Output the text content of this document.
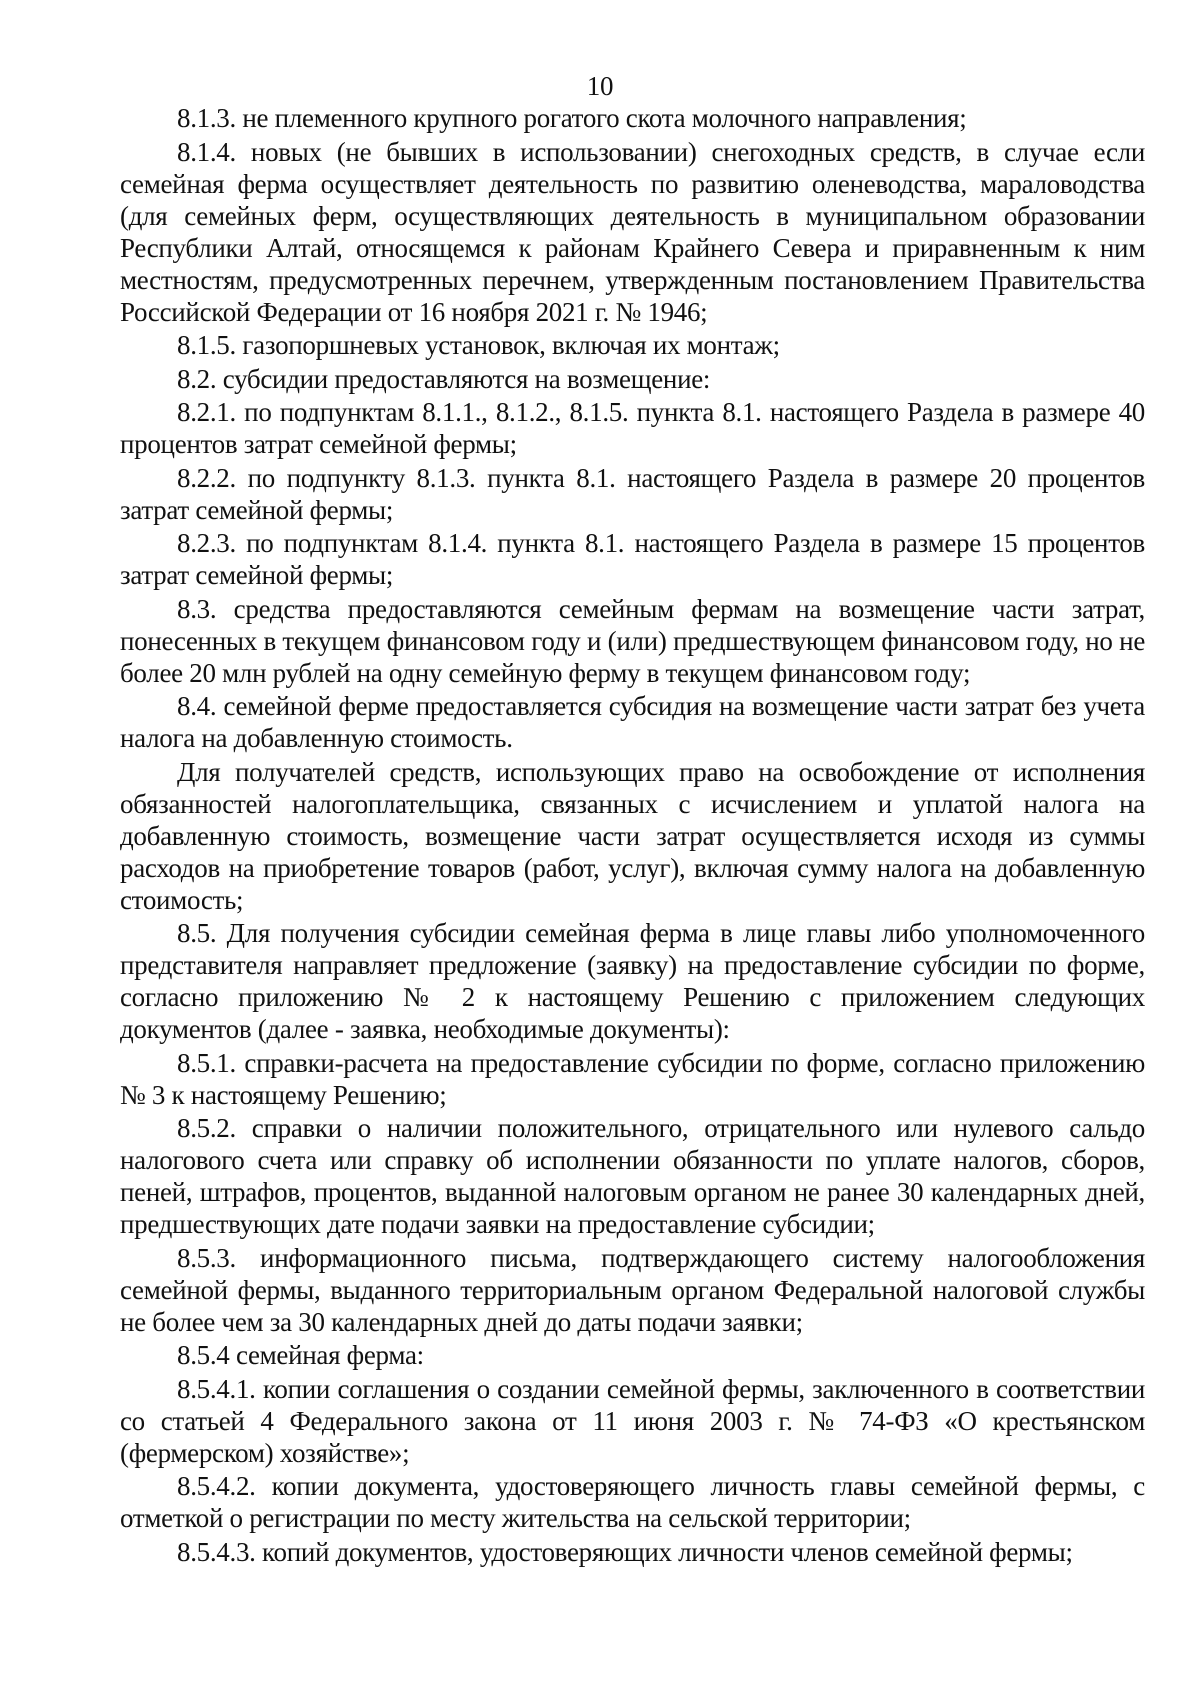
10

8.1.3. не племенного крупного рогатого скота молочного направления;

8.1.4. новых (не бывших в использовании) снегоходных средств, в случае если семейная ферма осуществляет деятельность по развитию оленеводства, мараловодства (для семейных ферм, осуществляющих деятельность в муниципальном образовании Республики Алтай, относящемся к районам Крайнего Севера и приравненным к ним местностям, предусмотренных перечнем, утвержденным постановлением Правительства Российской Федерации от 16 ноября 2021 г. № 1946;

8.1.5. газопоршневых установок, включая их монтаж;

8.2. субсидии предоставляются на возмещение:

8.2.1. по подпунктам 8.1.1., 8.1.2., 8.1.5. пункта 8.1. настоящего Раздела в размере 40 процентов затрат семейной фермы;

8.2.2. по подпункту 8.1.3. пункта 8.1. настоящего Раздела в размере 20 процентов затрат семейной фермы;

8.2.3. по подпунктам 8.1.4. пункта 8.1. настоящего Раздела в размере 15 процентов затрат семейной фермы;

8.3. средства предоставляются семейным фермам на возмещение части затрат, понесенных в текущем финансовом году и (или) предшествующем финансовом году, но не более 20 млн рублей на одну семейную ферму в текущем финансовом году;

8.4. семейной ферме предоставляется субсидия на возмещение части затрат без учета налога на добавленную стоимость.

Для получателей средств, использующих право на освобождение от исполнения обязанностей налогоплательщика, связанных с исчислением и уплатой налога на добавленную стоимость, возмещение части затрат осуществляется исходя из суммы расходов на приобретение товаров (работ, услуг), включая сумму налога на добавленную стоимость;

8.5. Для получения субсидии семейная ферма в лице главы либо уполномоченного представителя направляет предложение (заявку) на предоставление субсидии по форме, согласно приложению № 2 к настоящему Решению с приложением следующих документов (далее - заявка, необходимые документы):

8.5.1. справки-расчета на предоставление субсидии по форме, согласно приложению № 3 к настоящему Решению;

8.5.2. справки о наличии положительного, отрицательного или нулевого сальдо налогового счета или справку об исполнении обязанности по уплате налогов, сборов, пеней, штрафов, процентов, выданной налоговым органом не ранее 30 календарных дней, предшествующих дате подачи заявки на предоставление субсидии;

8.5.3. информационного письма, подтверждающего систему налогообложения семейной фермы, выданного территориальным органом Федеральной налоговой службы не более чем за 30 календарных дней до даты подачи заявки;

8.5.4 семейная ферма:

8.5.4.1. копии соглашения о создании семейной фермы, заключенного в соответствии со статьей 4 Федерального закона от 11 июня 2003 г. № 74-ФЗ «О крестьянском (фермерском) хозяйстве»;

8.5.4.2. копии документа, удостоверяющего личность главы семейной фермы, с отметкой о регистрации по месту жительства на сельской территории;

8.5.4.3. копий документов, удостоверяющих личности членов семейной фермы;
